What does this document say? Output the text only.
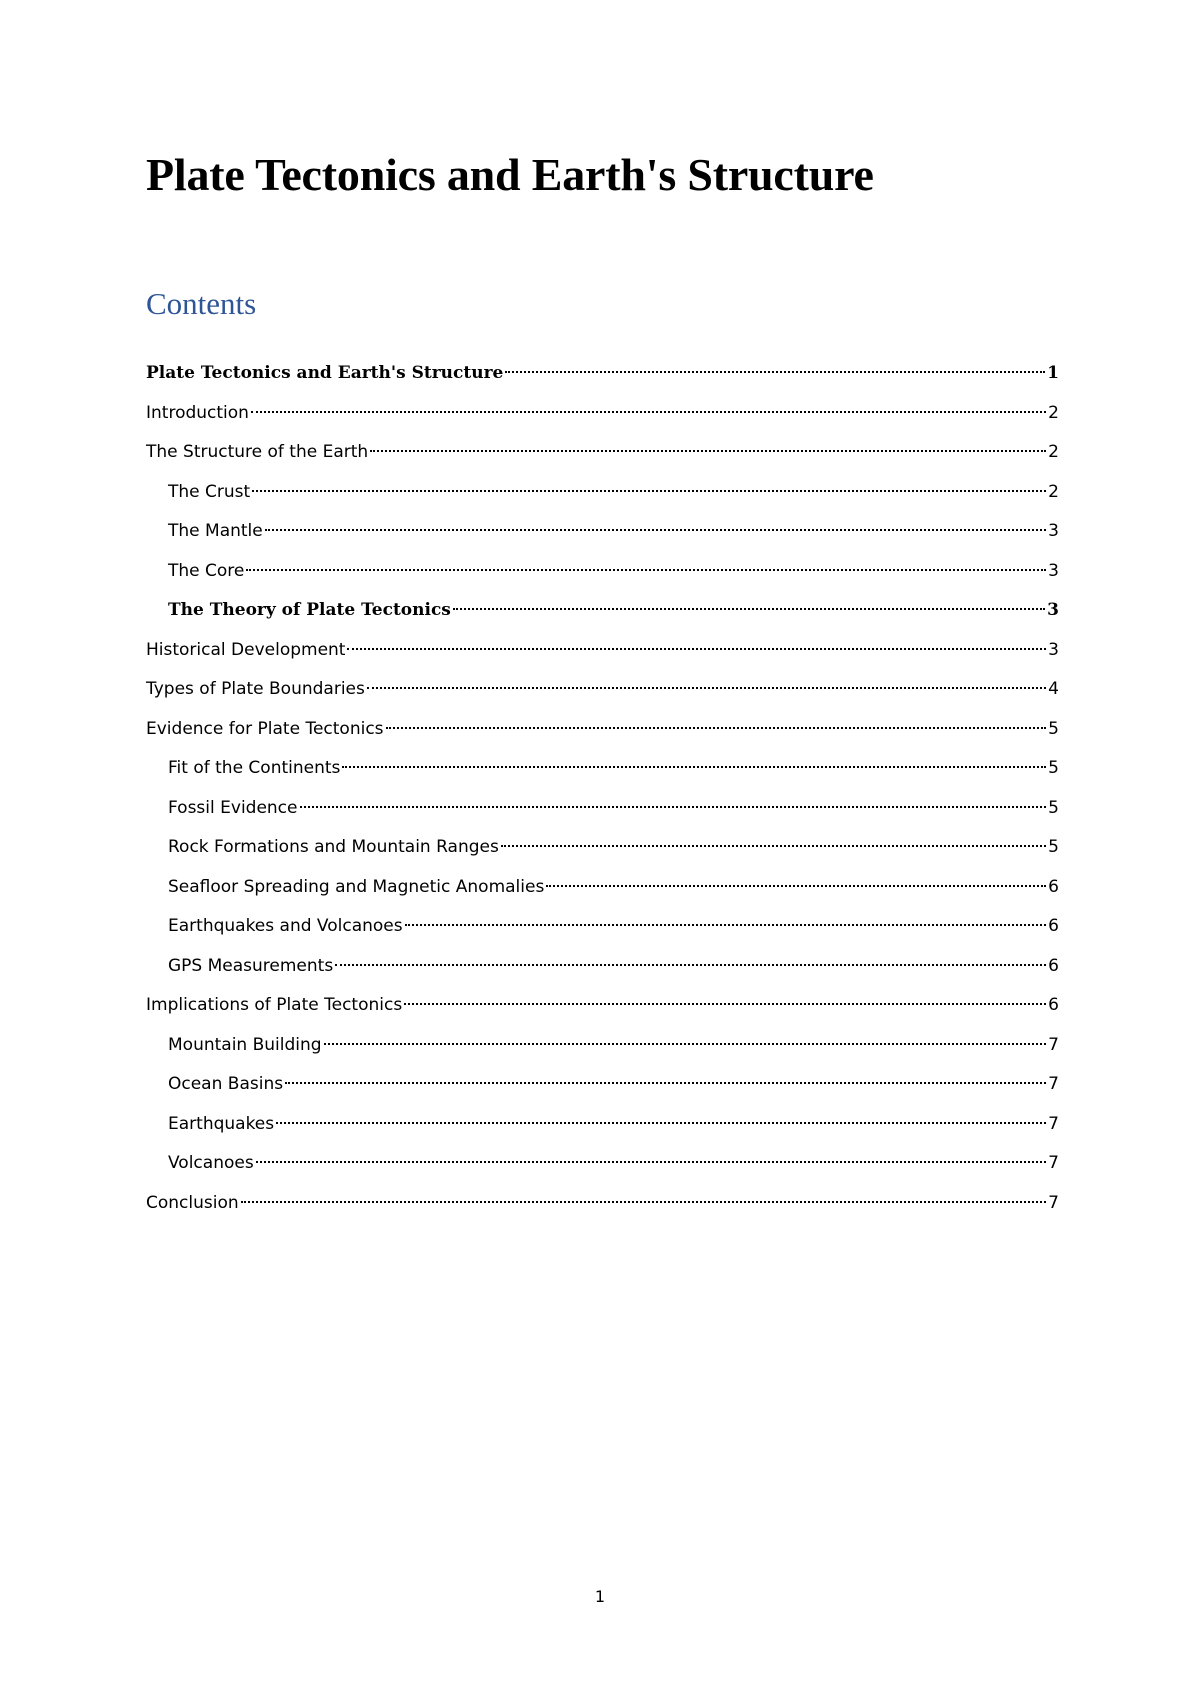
Plate Tectonics and Earth's Structure
Contents
Plate Tectonics and Earth's Structure	1
Introduction	2
The Structure of the Earth	2
The Crust	2
The Mantle	3
The Core	3
The Theory of Plate Tectonics	3
Historical Development	3
Types of Plate Boundaries	4
Evidence for Plate Tectonics	5
Fit of the Continents	5
Fossil Evidence	5
Rock Formations and Mountain Ranges	5
Seafloor Spreading and Magnetic Anomalies	6
Earthquakes and Volcanoes	6
GPS Measurements	6
Implications of Plate Tectonics	6
Mountain Building	7
Ocean Basins	7
Earthquakes	7
Volcanoes	7
Conclusion	7
1
